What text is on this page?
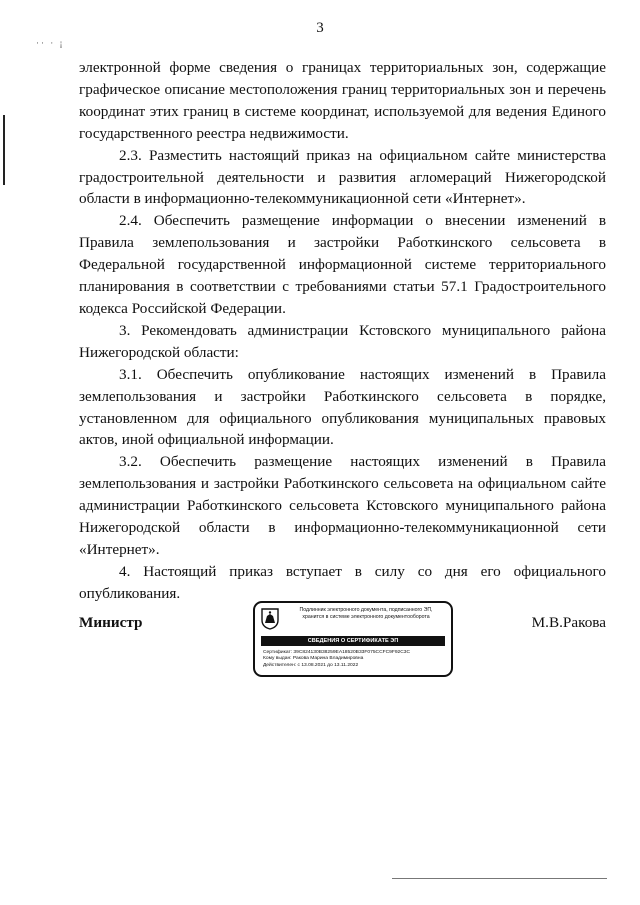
3
·· · ¡

электронной форме сведения о границах территориальных зон, содержащие графическое описание местоположения границ территориальных зон и перечень координат этих границ в системе координат, используемой для ведения Единого государственного реестра недвижимости.

2.3. Разместить настоящий приказ на официальном сайте министерства градостроительной деятельности и развития агломераций Нижегородской области в информационно-телекоммуникационной сети «Интернет».

2.4. Обеспечить размещение информации о внесении изменений в Правила землепользования и застройки Работкинского сельсовета в Федеральной государственной информационной системе территориального планирования в соответствии с требованиями статьи 57.1 Градостроительного кодекса Российской Федерации.

3. Рекомендовать администрации Кстовского муниципального района Нижегородской области:

3.1. Обеспечить опубликование настоящих изменений в Правила землепользования и застройки Работкинского сельсовета в порядке, установленном для официального опубликования муниципальных правовых актов, иной официальной информации.

3.2. Обеспечить размещение настоящих изменений в Правила землепользования и застройки Работкинского сельсовета на официальном сайте администрации Работкинского сельсовета Кстовского муниципального района Нижегородской области в информационно-телекоммуникационной сети «Интернет».

4. Настоящий приказ вступает в силу со дня его официального опубликования.

Министр
Подлинник электронного документа, подписанного ЭП,
хранится в системе электронного документооборота
СВЕДЕНИЯ О СЕРТИФИКАТЕ ЭП
Сертификат: 39C824130B38259EA18520B33F075CCFC9F92C3C
Кому выдан: Ракова Марина Владимировна
Действителен: с 13.08.2021 до 13.11.2022
М.В.Ракова
